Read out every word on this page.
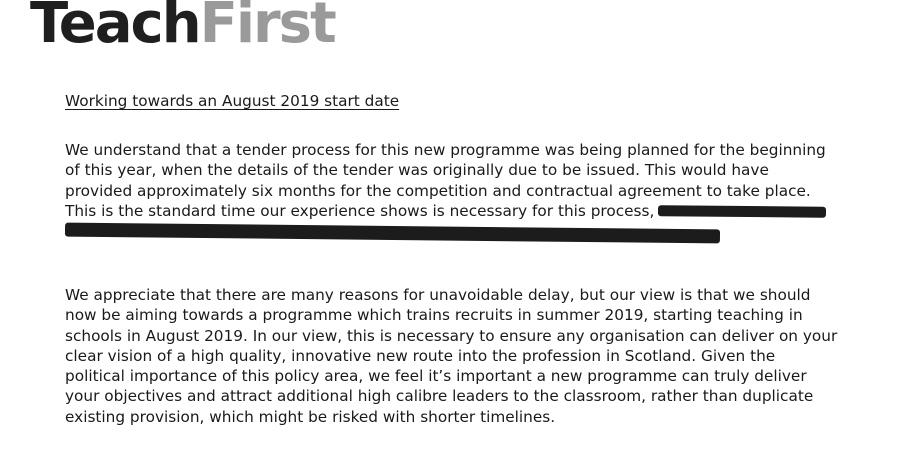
TeachFirst
Working towards an August 2019 start date
We understand that a tender process for this new programme was being planned for the beginning
of this year, when the details of the tender was originally due to be issued. This would have
provided approximately six months for the competition and contractual agreement to take place.
This is the standard time our experience shows is necessary for this process,
We appreciate that there are many reasons for unavoidable delay, but our view is that we should
now be aiming towards a programme which trains recruits in summer 2019, starting teaching in
schools in August 2019. In our view, this is necessary to ensure any organisation can deliver on your
clear vision of a high quality, innovative new route into the profession in Scotland. Given the
political importance of this policy area, we feel it’s important a new programme can truly deliver
your objectives and attract additional high calibre leaders to the classroom, rather than duplicate
existing provision, which might be risked with shorter timelines.
